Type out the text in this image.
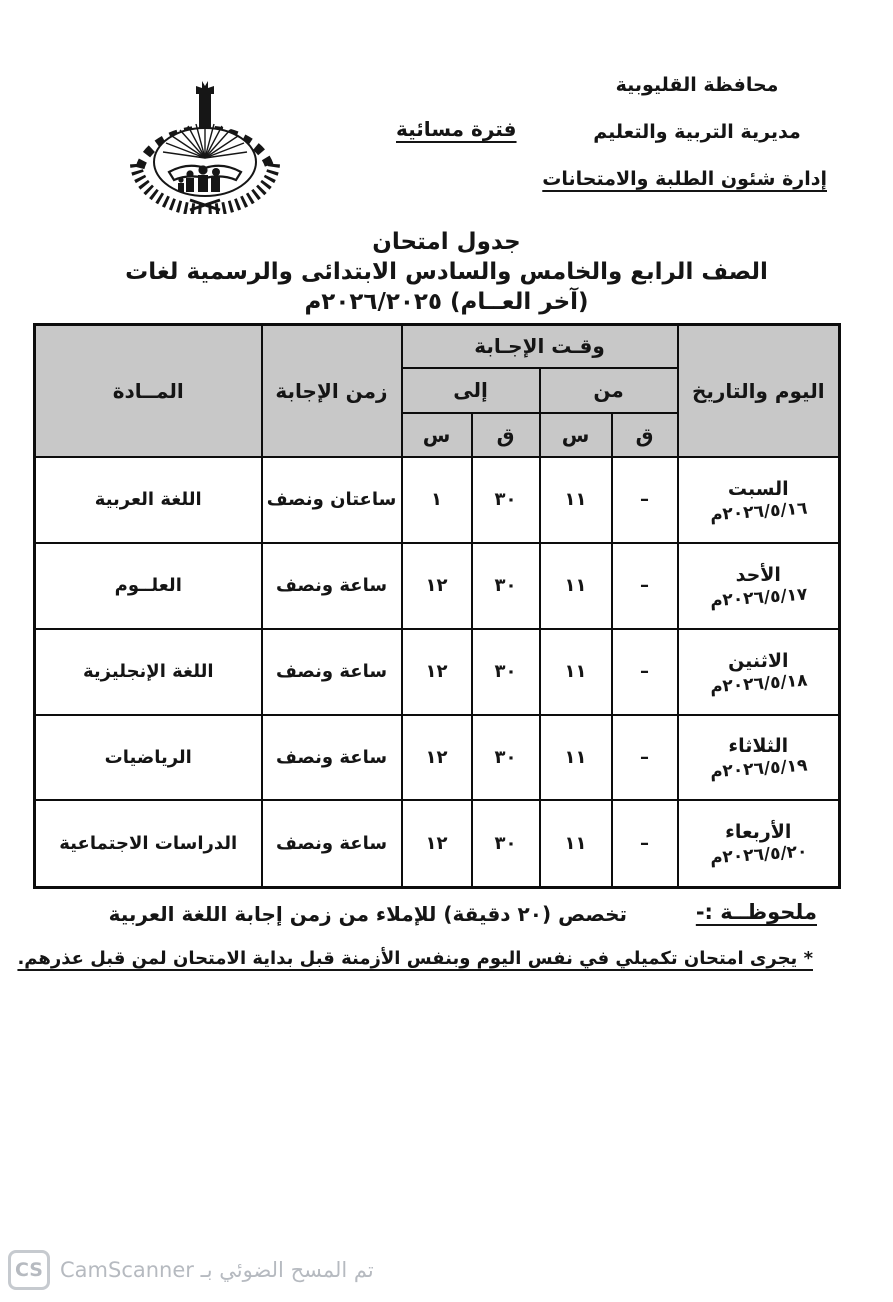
محافظة القليوبية
مديرية التربية والتعليم
إدارة شئون الطلبة والامتحانات
فترة مسائية
جدول امتحان
الصف الرابع والخامس والسادس الابتدائى والرسمية لغات
(آخر العــام) ٢٠٢٦/٢٠٢٥م
اليوم والتاريخ	وقـت الإجـابة				زمن الإجابة	المــادة
	من		إلى			
	ق	س	ق	س		

السبت
٢٠٢٦/٥/١٦م	–	١١	٣٠	١	ساعتان ونصف	اللغة العربية

الأحد
٢٠٢٦/٥/١٧م	–	١١	٣٠	١٢	ساعة ونصف	العلــوم

الاثنين
٢٠٢٦/٥/١٨م	–	١١	٣٠	١٢	ساعة ونصف	اللغة الإنجليزية

الثلاثاء
٢٠٢٦/٥/١٩م	–	١١	٣٠	١٢	ساعة ونصف	الرياضيات

الأربعاء
٢٠٢٦/٥/٢٠م	–	١١	٣٠	١٢	ساعة ونصف	الدراسات الاجتماعية
ملحوظــة :-
تخصص (٢٠ دقيقة) للإملاء من زمن إجابة اللغة العربية
* يجرى امتحان تكميلي في نفس اليوم وبنفس الأزمنة قبل بداية الامتحان لمن قبل عذرهم.
CS تم المسح الضوئي بـ CamScanner
